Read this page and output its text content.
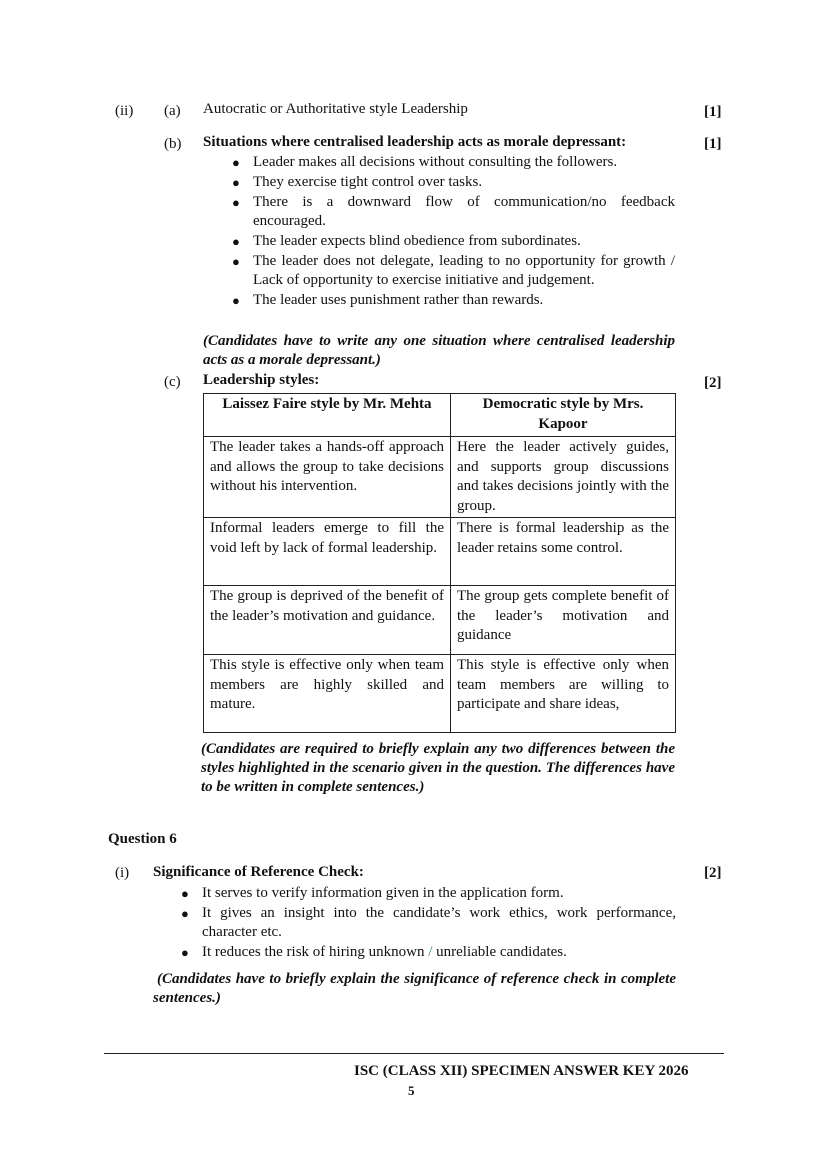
(ii) (a) Autocratic or Authoritative style Leadership	[1]
(b) Situations where centralised leadership acts as morale depressant:	[1]
● Leader makes all decisions without consulting the followers.
● They exercise tight control over tasks.
● There is a downward flow of communication/no feedback encouraged.
● The leader expects blind obedience from subordinates.
● The leader does not delegate, leading to no opportunity for growth / Lack of opportunity to exercise initiative and judgement.
● The leader uses punishment rather than rewards.
(Candidates have to write any one situation where centralised leadership acts as a morale depressant.)
(c) Leadership styles:	[2]
Laissez Faire style by Mr. Mehta	Democratic style by Mrs. Kapoor
The leader takes a hands-off approach and allows the group to take decisions without his intervention.	Here the leader actively guides, and supports group discussions and takes decisions jointly with the group.
Informal leaders emerge to fill the void left by lack of formal leadership.	There is formal leadership as the leader retains some control.
The group is deprived of the benefit of the leader’s motivation and guidance.	The group gets complete benefit of the leader’s motivation and guidance
This style is effective only when team members are highly skilled and mature.	This style is effective only when team members are willing to participate and share ideas,
(Candidates are required to briefly explain any two differences between the styles highlighted in the scenario given in the question. The differences have to be written in complete sentences.)
Question 6
(i) Significance of Reference Check:	[2]
● It serves to verify information given in the application form.
● It gives an insight into the candidate’s work ethics, work performance, character etc.
● It reduces the risk of hiring unknown / unreliable candidates.
(Candidates have to briefly explain the significance of reference check in complete sentences.)
ISC (CLASS XII) SPECIMEN ANSWER KEY 2026
5
